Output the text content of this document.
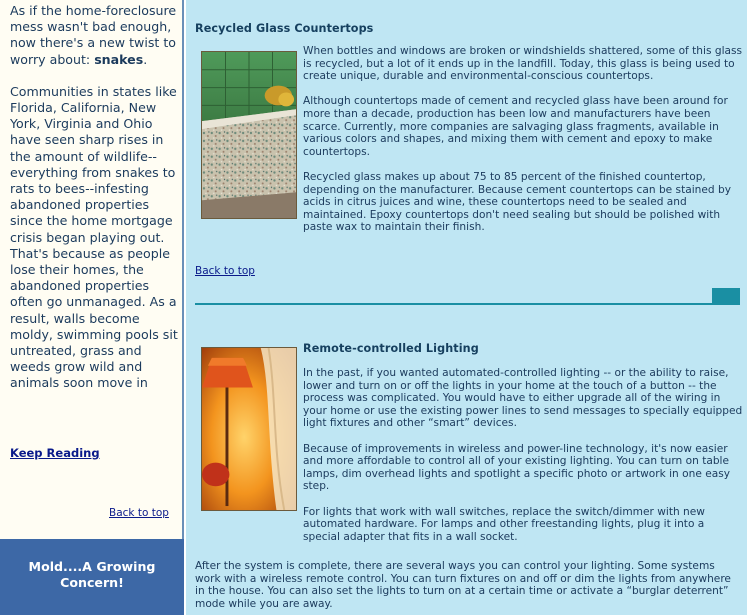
As if the home-foreclosure mess wasn't bad enough, now there's a new twist to worry about: snakes.

Communities in states like Florida, California, New York, Virginia and Ohio have seen sharp rises in the amount of wildlife--everything from snakes to rats to bees--infesting abandoned properties since the home mortgage crisis began playing out. That's because as people lose their homes, the abandoned properties often go unmanaged. As a result, walls become moldy, swimming pools sit untreated, grass and weeds grow wild and animals soon move in

Keep Reading
Back to top
Mold....A Growing Concern!
Recycled Glass Countertops

When bottles and windows are broken or windshields shattered, some of this glass is recycled, but a lot of it ends up in the landfill. Today, this glass is being used to create unique, durable and environmental-conscious countertops.

Although countertops made of cement and recycled glass have been around for more than a decade, production has been low and manufacturers have been scarce. Currently, more companies are salvaging glass fragments, available in various colors and shapes, and mixing them with cement and epoxy to make countertops.

Recycled glass makes up about 75 to 85 percent of the finished countertop, depending on the manufacturer. Because cement countertops can be stained by acids in citrus juices and wine, these countertops need to be sealed and maintained. Epoxy countertops don't need sealing but should be polished with paste wax to maintain their finish.

Remote-controlled Lighting

In the past, if you wanted automated-controlled lighting -- or the ability to raise, lower and turn on or off the lights in your home at the touch of a button -- the process was complicated. You would have to either upgrade all of the wiring in your home or use the existing power lines to send messages to specially equipped light fixtures and other “smart” devices.

Because of improvements in wireless and power-line technology, it's now easier and more affordable to control all of your existing lighting. You can turn on table lamps, dim overhead lights and spotlight a specific photo or artwork in one easy step.

For lights that work with wall switches, replace the switch/dimmer with new automated hardware. For lamps and other freestanding lights, plug it into a special adapter that fits in a wall socket.

After the system is complete, there are several ways you can control your lighting. Some systems work with a wireless remote control. You can turn fixtures on and off or dim the lights from anywhere in the house. You can also set the lights to turn on at a certain time or activate a “burglar deterrent” mode while you are away.

Back to top
